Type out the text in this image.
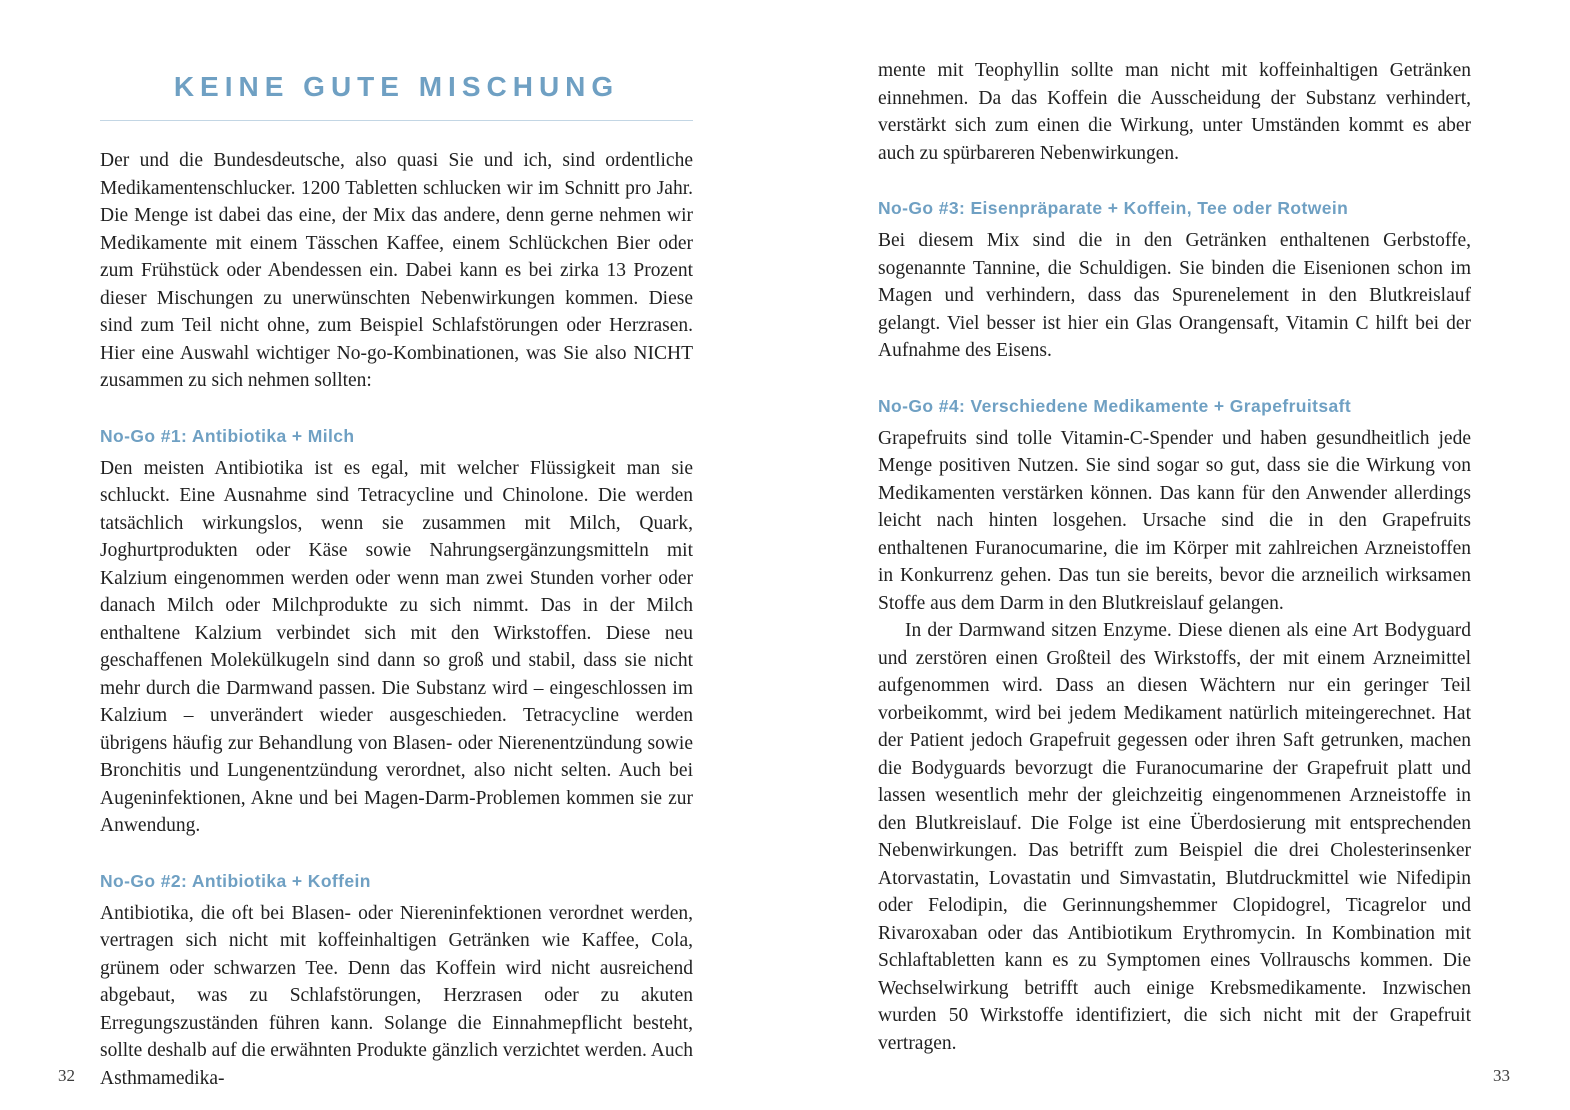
KEINE GUTE MISCHUNG

Der und die Bundesdeutsche, also quasi Sie und ich, sind ordentliche Medikamentenschlucker. 1200 Tabletten schlucken wir im Schnitt pro Jahr. Die Menge ist dabei das eine, der Mix das andere, denn gerne nehmen wir Medikamente mit einem Tässchen Kaffee, einem Schlückchen Bier oder zum Frühstück oder Abendessen ein. Dabei kann es bei zirka 13 Prozent dieser Mischungen zu unerwünschten Nebenwirkungen kommen. Diese sind zum Teil nicht ohne, zum Beispiel Schlafstörungen oder Herzrasen. Hier eine Auswahl wichtiger No-go-Kombinationen, was Sie also NICHT zusammen zu sich nehmen sollten:

No-Go #1: Antibiotika + Milch

Den meisten Antibiotika ist es egal, mit welcher Flüssigkeit man sie schluckt. Eine Ausnahme sind Tetracycline und Chinolone. Die werden tatsächlich wirkungslos, wenn sie zusammen mit Milch, Quark, Joghurtprodukten oder Käse sowie Nahrungsergänzungsmitteln mit Kalzium eingenommen werden oder wenn man zwei Stunden vorher oder danach Milch oder Milchprodukte zu sich nimmt. Das in der Milch enthaltene Kalzium verbindet sich mit den Wirkstoffen. Diese neu geschaffenen Molekülkugeln sind dann so groß und stabil, dass sie nicht mehr durch die Darmwand passen. Die Substanz wird – eingeschlossen im Kalzium – unverändert wieder ausgeschieden. Tetracycline werden übrigens häufig zur Behandlung von Blasen- oder Nierenentzündung sowie Bronchitis und Lungenentzündung verordnet, also nicht selten. Auch bei Augeninfektionen, Akne und bei Magen-Darm-Problemen kommen sie zur Anwendung.

No-Go #2: Antibiotika + Koffein

Antibiotika, die oft bei Blasen- oder Niereninfektionen verordnet werden, vertragen sich nicht mit koffeinhaltigen Getränken wie Kaffee, Cola, grünem oder schwarzen Tee. Denn das Koffein wird nicht ausreichend abgebaut, was zu Schlafstörungen, Herzrasen oder zu akuten Erregungszuständen führen kann. Solange die Einnahmepflicht besteht, sollte deshalb auf die erwähnten Produkte gänzlich verzichtet werden. Auch Asthmamedika-

32

mente mit Teophyllin sollte man nicht mit koffeinhaltigen Getränken einnehmen. Da das Koffein die Ausscheidung der Substanz verhindert, verstärkt sich zum einen die Wirkung, unter Umständen kommt es aber auch zu spürbareren Nebenwirkungen.

No-Go #3: Eisenpräparate + Koffein, Tee oder Rotwein

Bei diesem Mix sind die in den Getränken enthaltenen Gerbstoffe, sogenannte Tannine, die Schuldigen. Sie binden die Eisenionen schon im Magen und verhindern, dass das Spurenelement in den Blutkreislauf gelangt. Viel besser ist hier ein Glas Orangensaft, Vitamin C hilft bei der Aufnahme des Eisens.

No-Go #4: Verschiedene Medikamente + Grapefruitsaft

Grapefruits sind tolle Vitamin-C-Spender und haben gesundheitlich jede Menge positiven Nutzen. Sie sind sogar so gut, dass sie die Wirkung von Medikamenten verstärken können. Das kann für den Anwender allerdings leicht nach hinten losgehen. Ursache sind die in den Grapefruits enthaltenen Furanocumarine, die im Körper mit zahlreichen Arzneistoffen in Konkurrenz gehen. Das tun sie bereits, bevor die arzneilich wirksamen Stoffe aus dem Darm in den Blutkreislauf gelangen.

In der Darmwand sitzen Enzyme. Diese dienen als eine Art Bodyguard und zerstören einen Großteil des Wirkstoffs, der mit einem Arzneimittel aufgenommen wird. Dass an diesen Wächtern nur ein geringer Teil vorbeikommt, wird bei jedem Medikament natürlich miteingerechnet. Hat der Patient jedoch Grapefruit gegessen oder ihren Saft getrunken, machen die Bodyguards bevorzugt die Furanocumarine der Grapefruit platt und lassen wesentlich mehr der gleichzeitig eingenommenen Arzneistoffe in den Blutkreislauf. Die Folge ist eine Überdosierung mit entsprechenden Nebenwirkungen. Das betrifft zum Beispiel die drei Cholesterinsenker Atorvastatin, Lovastatin und Simvastatin, Blutdruckmittel wie Nifedipin oder Felodipin, die Gerinnungshemmer Clopidogrel, Ticagrelor und Rivaroxaban oder das Antibiotikum Erythromycin. In Kombination mit Schlaftabletten kann es zu Symptomen eines Vollrauschs kommen. Die Wechselwirkung betrifft auch einige Krebsmedikamente. Inzwischen wurden 50 Wirkstoffe identifiziert, die sich nicht mit der Grapefruit vertragen.

33
